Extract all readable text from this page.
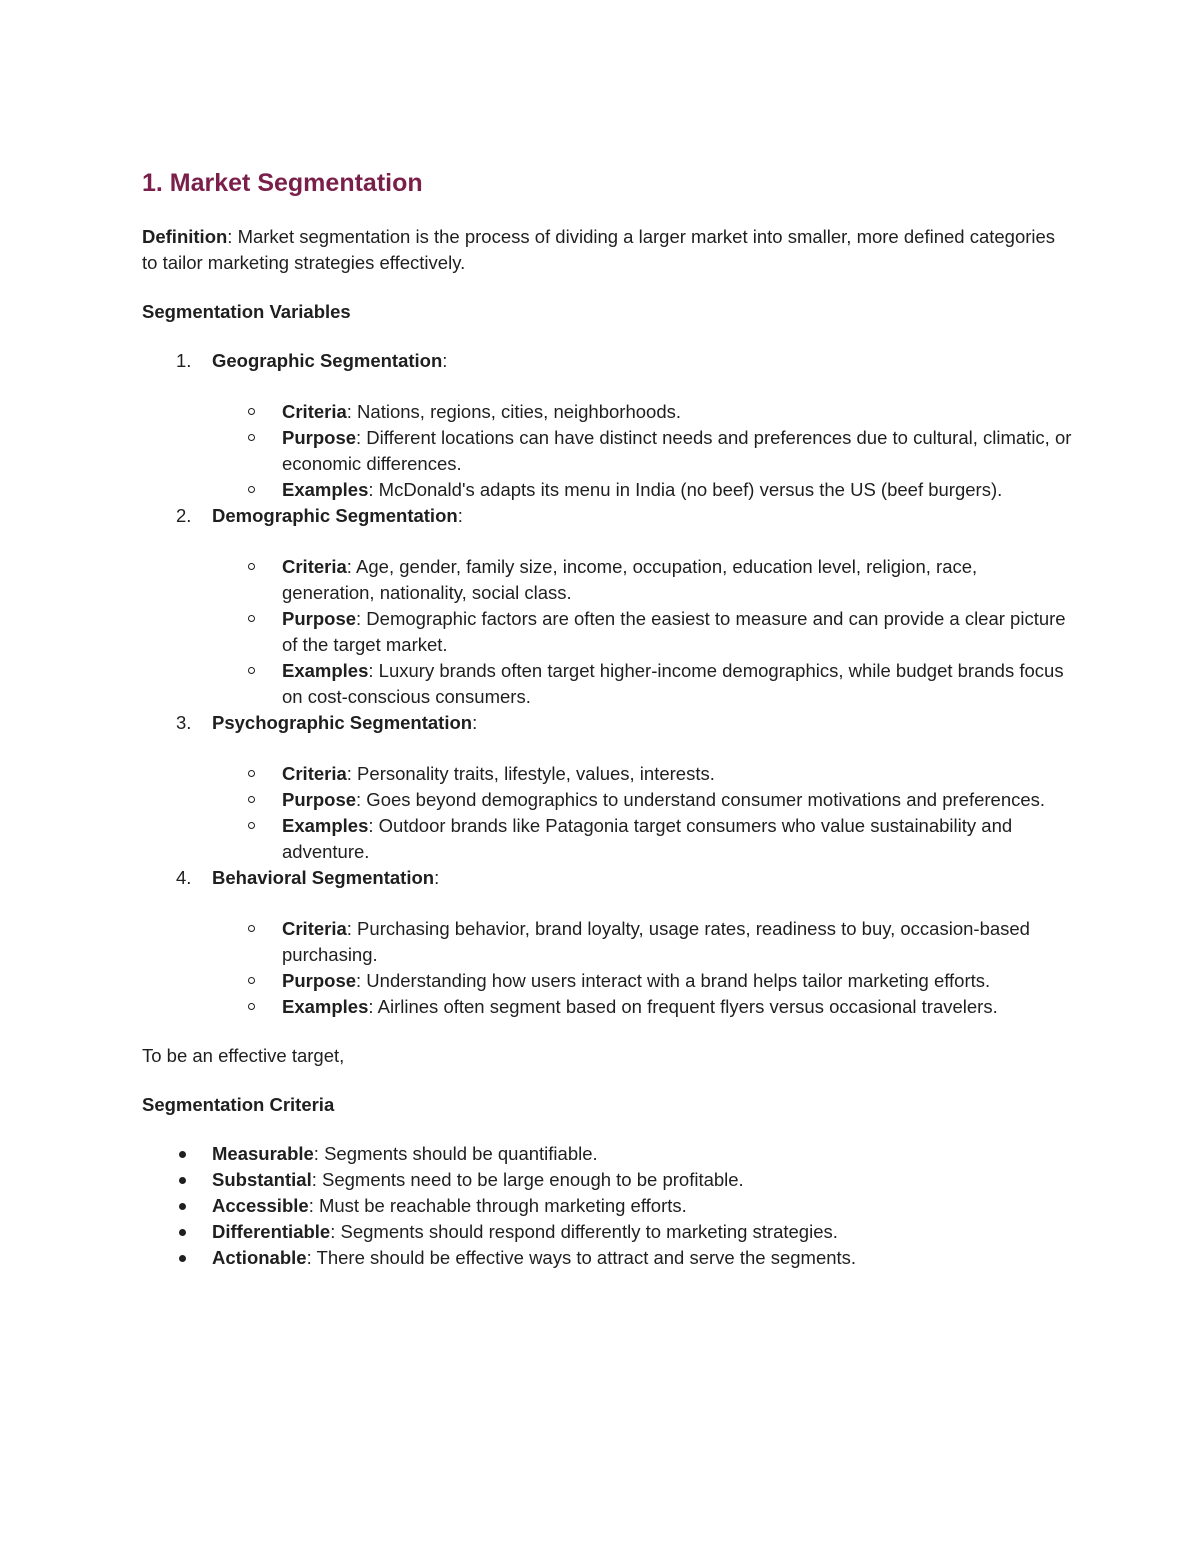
1. Market Segmentation

Definition: Market segmentation is the process of dividing a larger market into smaller, more defined categories to tailor marketing strategies effectively.

Segmentation Variables

1. Geographic Segmentation:
Criteria: Nations, regions, cities, neighborhoods.
Purpose: Different locations can have distinct needs and preferences due to cultural, climatic, or economic differences.
Examples: McDonald's adapts its menu in India (no beef) versus the US (beef burgers).
2. Demographic Segmentation:
Criteria: Age, gender, family size, income, occupation, education level, religion, race, generation, nationality, social class.
Purpose: Demographic factors are often the easiest to measure and can provide a clear picture of the target market.
Examples: Luxury brands often target higher-income demographics, while budget brands focus on cost-conscious consumers.
3. Psychographic Segmentation:
Criteria: Personality traits, lifestyle, values, interests.
Purpose: Goes beyond demographics to understand consumer motivations and preferences.
Examples: Outdoor brands like Patagonia target consumers who value sustainability and adventure.
4. Behavioral Segmentation:
Criteria: Purchasing behavior, brand loyalty, usage rates, readiness to buy, occasion-based purchasing.
Purpose: Understanding how users interact with a brand helps tailor marketing efforts.
Examples: Airlines often segment based on frequent flyers versus occasional travelers.

To be an effective target,

Segmentation Criteria

Measurable: Segments should be quantifiable.
Substantial: Segments need to be large enough to be profitable.
Accessible: Must be reachable through marketing efforts.
Differentiable: Segments should respond differently to marketing strategies.
Actionable: There should be effective ways to attract and serve the segments.
